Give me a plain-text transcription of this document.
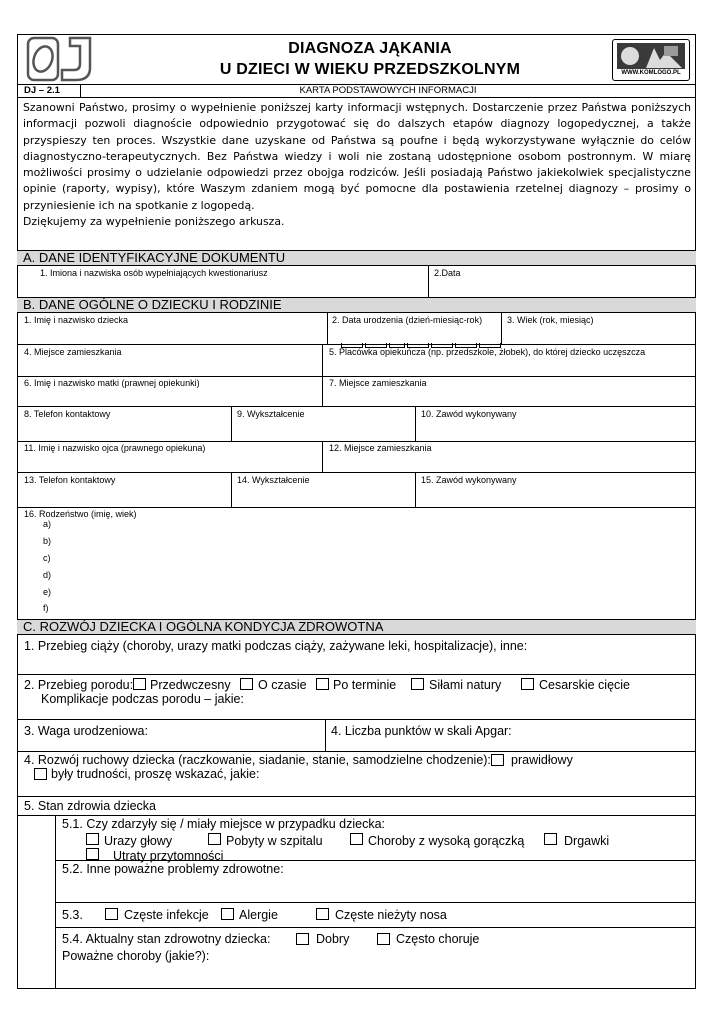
DJ
DIAGNOZA JĄKANIA
U DZIECI W WIEKU PRZEDSZKOLNYM	WWW.KOMLOGO.PL
DJ – 2.1	KARTA PODSTAWOWYCH INFORMACJI

Szanowni Państwo, prosimy o wypełnienie poniższej karty informacji wstępnych. Dostarczenie przez Państwa poniższych informacji pozwoli diagnoście odpowiednio przygotować się do dalszych etapów diagnozy logopedycznej, a także przyspieszy ten proces. Wszystkie dane uzyskane od Państwa są poufne i będą wykorzystywane wyłącznie do celów diagnostyczno-terapeutycznych. Bez Państwa wiedzy i woli nie zostaną udostępnione osobom postronnym. W miarę możliwości prosimy o udzielanie odpowiedzi przez obojga rodziców. Jeśli posiadają Państwo jakiekolwiek specjalistyczne opinie (raporty, wypisy), które Waszym zdaniem mogą być pomocne dla postawienia rzetelnej diagnozy – prosimy o przyniesienie ich na spotkanie z logopedą.

Dziękujemy za wypełnienie poniższego arkusza.

A. DANE IDENTYFIKACYJNE DOKUMENTU
1. Imiona i nazwiska osób wypełniających kwestionariusz	2.Data
B. DANE OGÓLNE O DZIECKU I RODZINIE
1. Imię i nazwisko dziecka	2. Data urodzenia (dzień-miesiąc-rok)	3. Wiek (rok, miesiąc)
4. Miejsce zamieszkania	5. Placówka opiekuńcza (np. przedszkole, żłobek), do której dziecko uczęszcza
6. Imię i nazwisko matki (prawnej opiekunki)	7. Miejsce zamieszkania
8. Telefon kontaktowy	9. Wykształcenie	10. Zawód wykonywany
11. Imię i nazwisko ojca (prawnego opiekuna)	12. Miejsce zamieszkania
13. Telefon kontaktowy	14. Wykształcenie	15. Zawód wykonywany
16. Rodzeństwo (imię, wiek)
a)
b)
c)
d)
e)
f)
C. ROZWÓJ DZIECKA I OGÓLNA KONDYCJA ZDROWOTNA
1. Przebieg ciąży (choroby, urazy matki podczas ciąży, zażywane leki, hospitalizacje), inne:
2. Przebieg porodu: Przedwczesny O czasie Po terminie	Siłami natury	Cesarskie cięcie
Komplikacje podczas porodu – jakie:
3. Waga urodzeniowa:	4. Liczba punktów w skali Apgar:
4. Rozwój ruchowy dziecka (raczkowanie, siadanie, stanie, samodzielne chodzenie): prawidłowy
były trudności, proszę wskazać, jakie:
5. Stan zdrowia dziecka
5.1. Czy zdarzyły się / miały miejsce w przypadku dziecka:
Urazy głowy	Pobyty w szpitalu	Choroby z wysoką gorączką	Drgawki
Utraty przytomności
5.2. Inne poważne problemy zdrowotne:
5.3.	Częste infekcje Alergie	Częste nieżyty nosa
5.4. Aktualny stan zdrowotny dziecka:	Dobry	Często choruje
Poważne choroby (jakie?):
